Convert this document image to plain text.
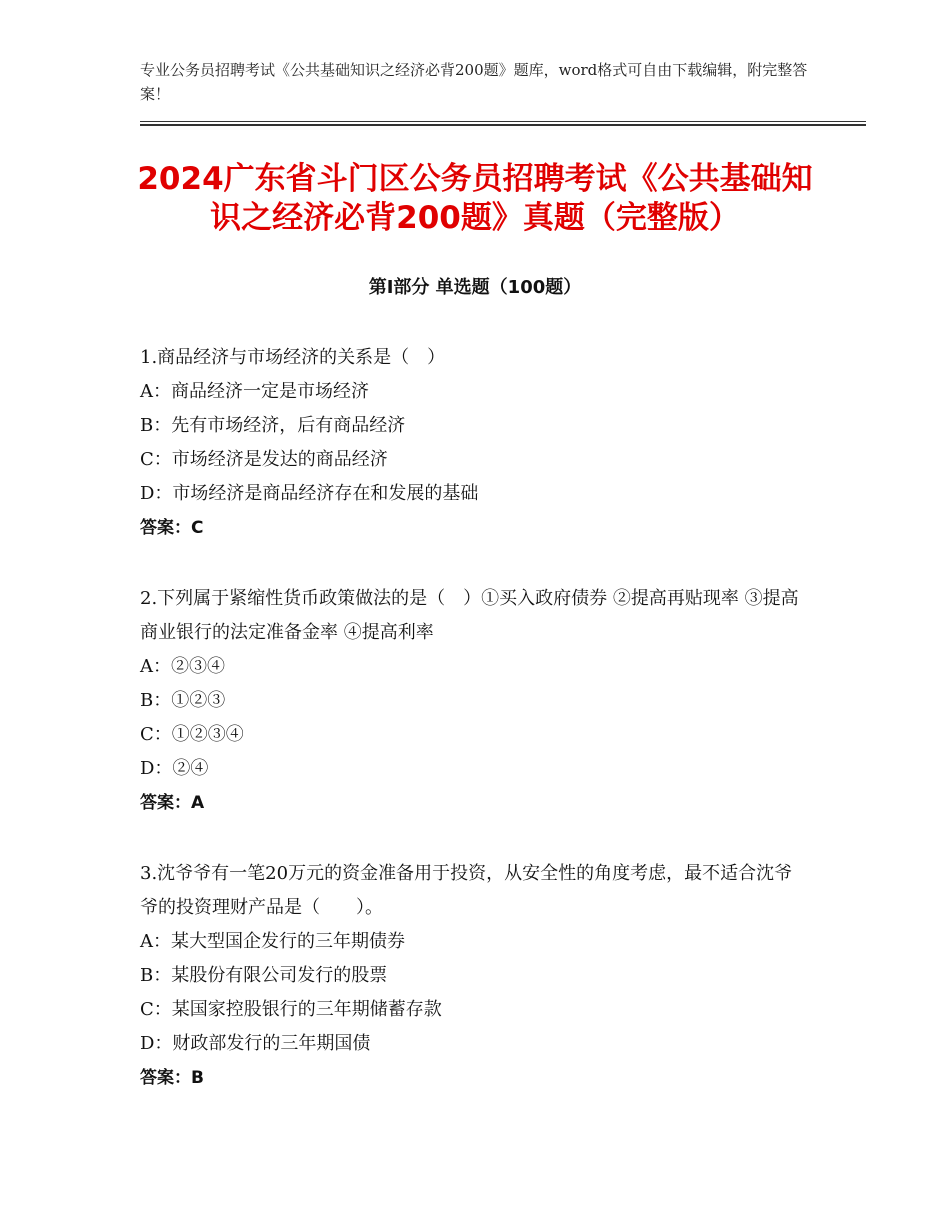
专业公务员招聘考试《公共基础知识之经济必背200题》题库，word格式可自由下载编辑，附完整答案！
2024广东省斗门区公务员招聘考试《公共基础知识之经济必背200题》真题（完整版）
第Ⅰ部分 单选题（100题）

1.商品经济与市场经济的关系是（　）

A：商品经济一定是市场经济

B：先有市场经济，后有商品经济

C：市场经济是发达的商品经济

D：市场经济是商品经济存在和发展的基础

答案：C

2.下列属于紧缩性货币政策做法的是（　）①买入政府债券 ②提高再贴现率 ③提高商业银行的法定准备金率 ④提高利率

A：②③④

B：①②③

C：①②③④

D：②④

答案：A

3.沈爷爷有一笔20万元的资金准备用于投资，从安全性的角度考虑，最不适合沈爷爷的投资理财产品是（　　）。

A：某大型国企发行的三年期债券

B：某股份有限公司发行的股票

C：某国家控股银行的三年期储蓄存款

D：财政部发行的三年期国债

答案：B
